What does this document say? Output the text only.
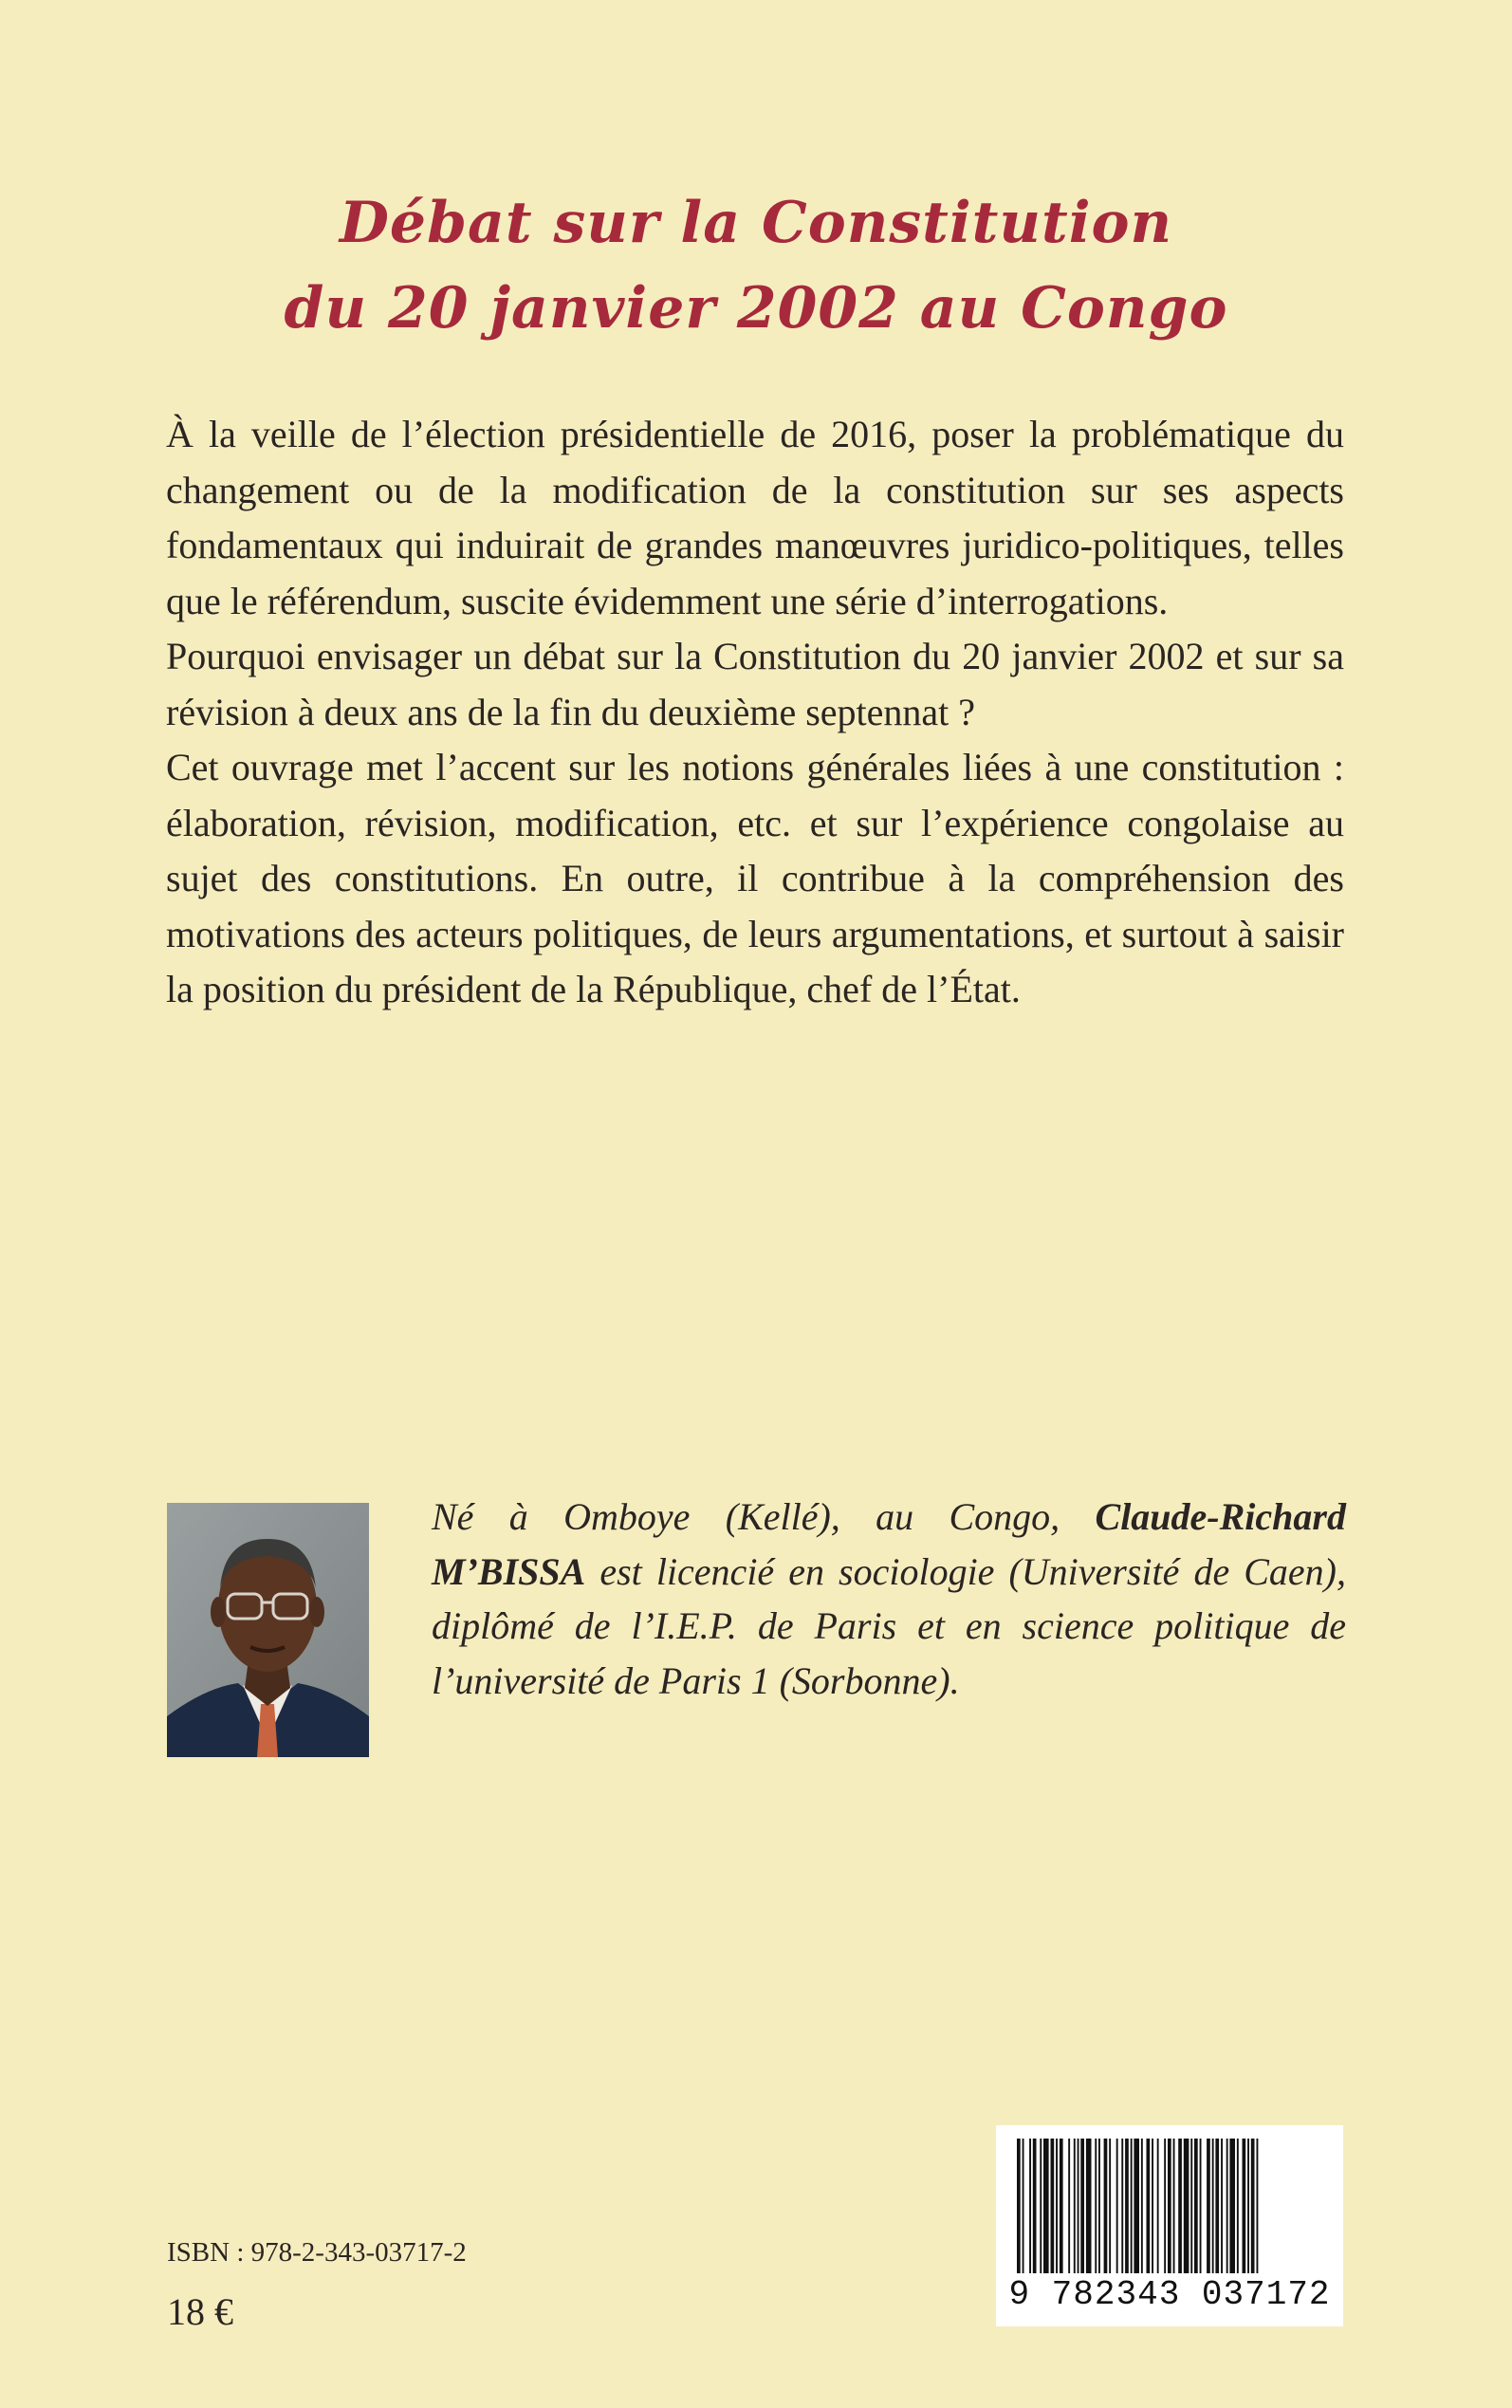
Débat sur la Constitution
du 20 janvier 2002 au Congo

À la veille de l’élection présidentielle de 2016, poser la problématique du changement ou de la modification de la constitution sur ses aspects fondamentaux qui induirait de grandes manœuvres juridico-politiques, telles que le référendum, suscite évidemment une série d’interrogations.

Pourquoi envisager un débat sur la Constitution du 20 janvier 2002 et sur sa révision à deux ans de la fin du deuxième septennat ?

Cet ouvrage met l’accent sur les notions générales liées à une constitution : élaboration, révision, modification, etc. et sur l’expérience congolaise au sujet des constitutions. En outre, il contribue à la compréhension des motivations des acteurs politiques, de leurs argumentations, et surtout à saisir la position du président de la République, chef de l’État.

Né à Omboye (Kellé), au Congo, Claude-Richard M’BISSA est licencié en sociologie (Université de Caen), diplômé de l’I.E.P. de Paris et en science politique de l’université de Paris 1 (Sorbonne).
ISBN : 978-2-343-03717-2
18 €	9 782343 037172
